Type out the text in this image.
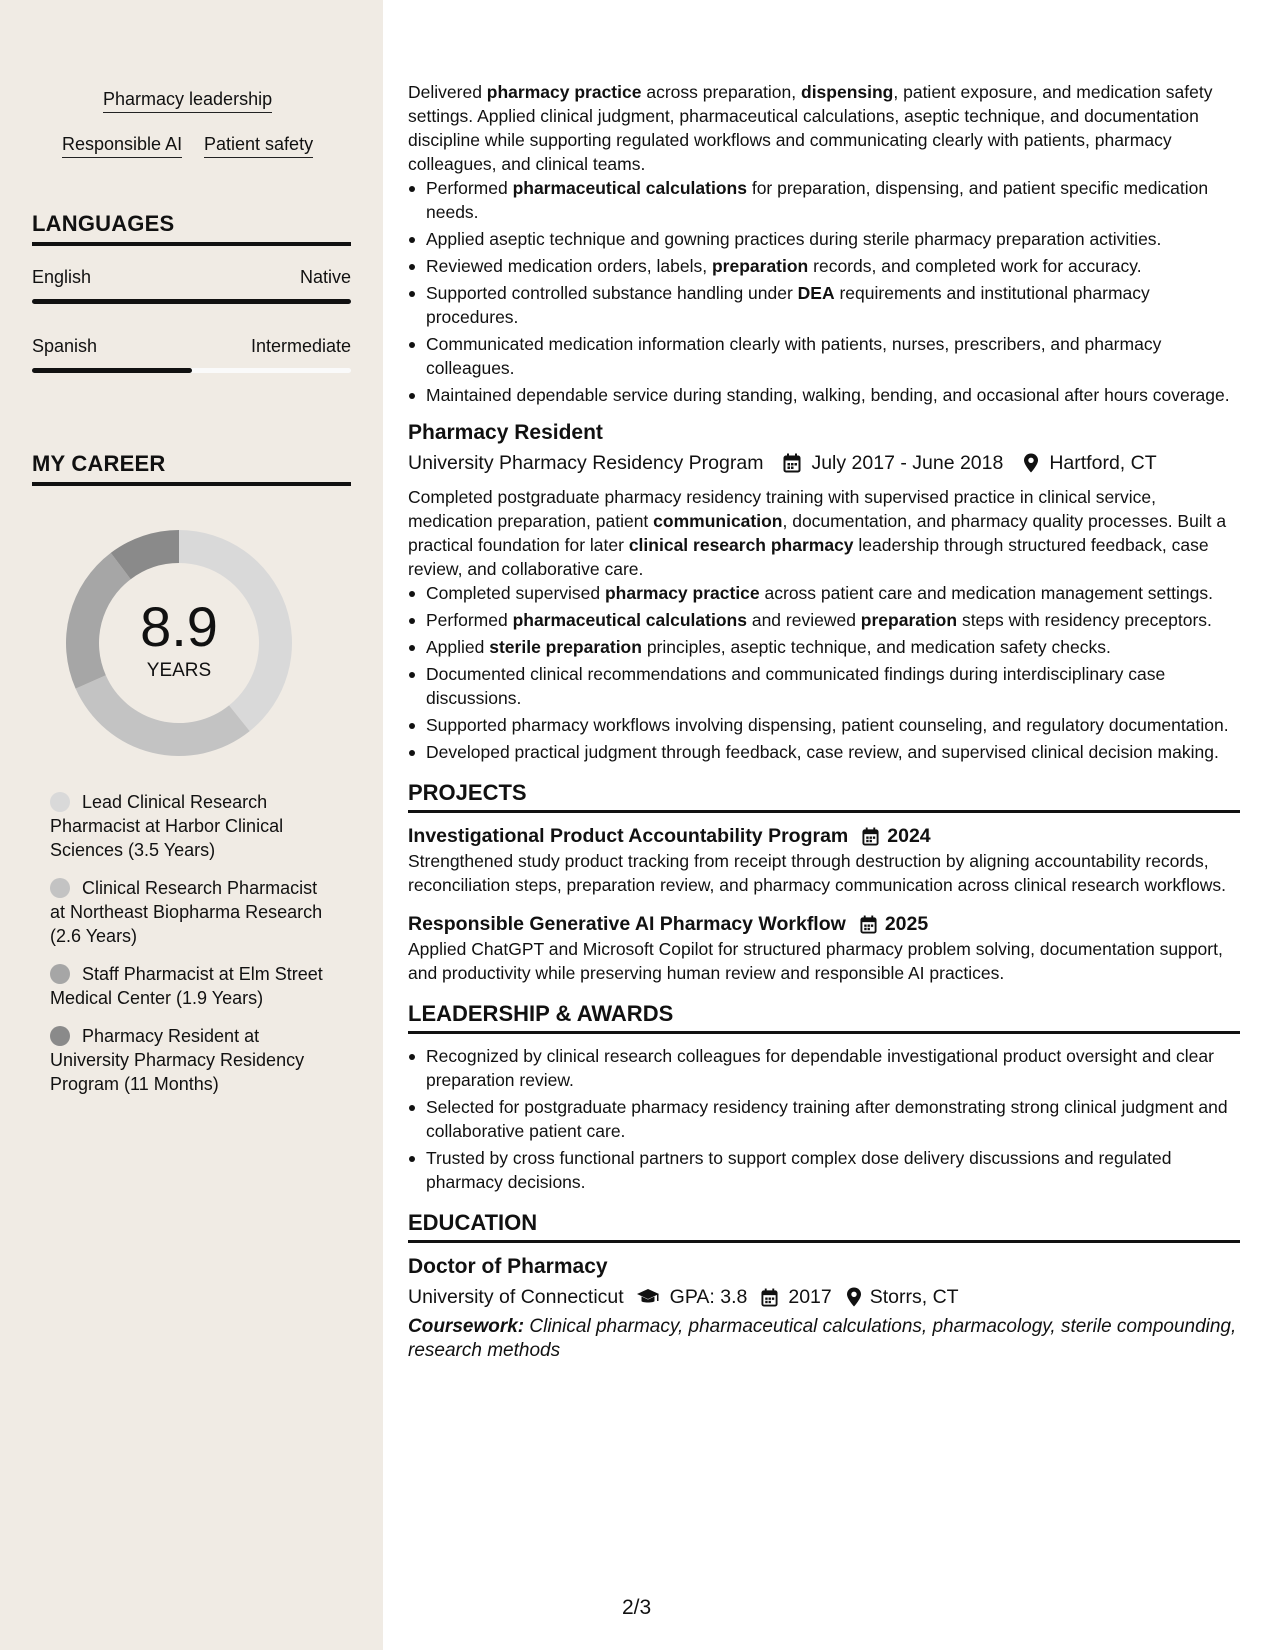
Pharmacy leadership
Responsible AI Patient safety
LANGUAGES
English	Native
Spanish	Intermediate
MY CAREER
8.9
YEARS
Lead Clinical Research Pharmacist at Harbor Clinical Sciences (3.5 Years)
Clinical Research Pharmacist at Northeast Biopharma Research (2.6 Years)
Staff Pharmacist at Elm Street Medical Center (1.9 Years)
Pharmacy Resident at University Pharmacy Residency Program (11 Months)

Delivered pharmacy practice across preparation, dispensing, patient exposure, and medication safety settings. Applied clinical judgment, pharmaceutical calculations, aseptic technique, and documentation discipline while supporting regulated workflows and communicating clearly with patients, pharmacy colleagues, and clinical teams.

Performed pharmaceutical calculations for preparation, dispensing, and patient specific medication needs.
Applied aseptic technique and gowning practices during sterile pharmacy preparation activities.
Reviewed medication orders, labels, preparation records, and completed work for accuracy.
Supported controlled substance handling under DEA requirements and institutional pharmacy procedures.
Communicated medication information clearly with patients, nurses, prescribers, and pharmacy colleagues.
Maintained dependable service during standing, walking, bending, and occasional after hours coverage.
Pharmacy Resident
University Pharmacy Residency Program July 2017 - June 2018 Hartford, CT

Completed postgraduate pharmacy residency training with supervised practice in clinical service, medication preparation, patient communication, documentation, and pharmacy quality processes. Built a practical foundation for later clinical research pharmacy leadership through structured feedback, case review, and collaborative care.

Completed supervised pharmacy practice across patient care and medication management settings.
Performed pharmaceutical calculations and reviewed preparation steps with residency preceptors.
Applied sterile preparation principles, aseptic technique, and medication safety checks.
Documented clinical recommendations and communicated findings during interdisciplinary case discussions.
Supported pharmacy workflows involving dispensing, patient counseling, and regulatory documentation.
Developed practical judgment through feedback, case review, and supervised clinical decision making.
PROJECTS
Investigational Product Accountability Program 2024

Strengthened study product tracking from receipt through destruction by aligning accountability records, reconciliation steps, preparation review, and pharmacy communication across clinical research workflows.

Responsible Generative AI Pharmacy Workflow 2025

Applied ChatGPT and Microsoft Copilot for structured pharmacy problem solving, documentation support, and productivity while preserving human review and responsible AI practices.

LEADERSHIP & AWARDS
Recognized by clinical research colleagues for dependable investigational product oversight and clear preparation review.
Selected for postgraduate pharmacy residency training after demonstrating strong clinical judgment and collaborative patient care.
Trusted by cross functional partners to support complex dose delivery discussions and regulated pharmacy decisions.
EDUCATION
Doctor of Pharmacy
University of Connecticut GPA: 3.8 2017 Storrs, CT
Coursework: Clinical pharmacy, pharmaceutical calculations, pharmacology, sterile compounding, research methods
2/3
